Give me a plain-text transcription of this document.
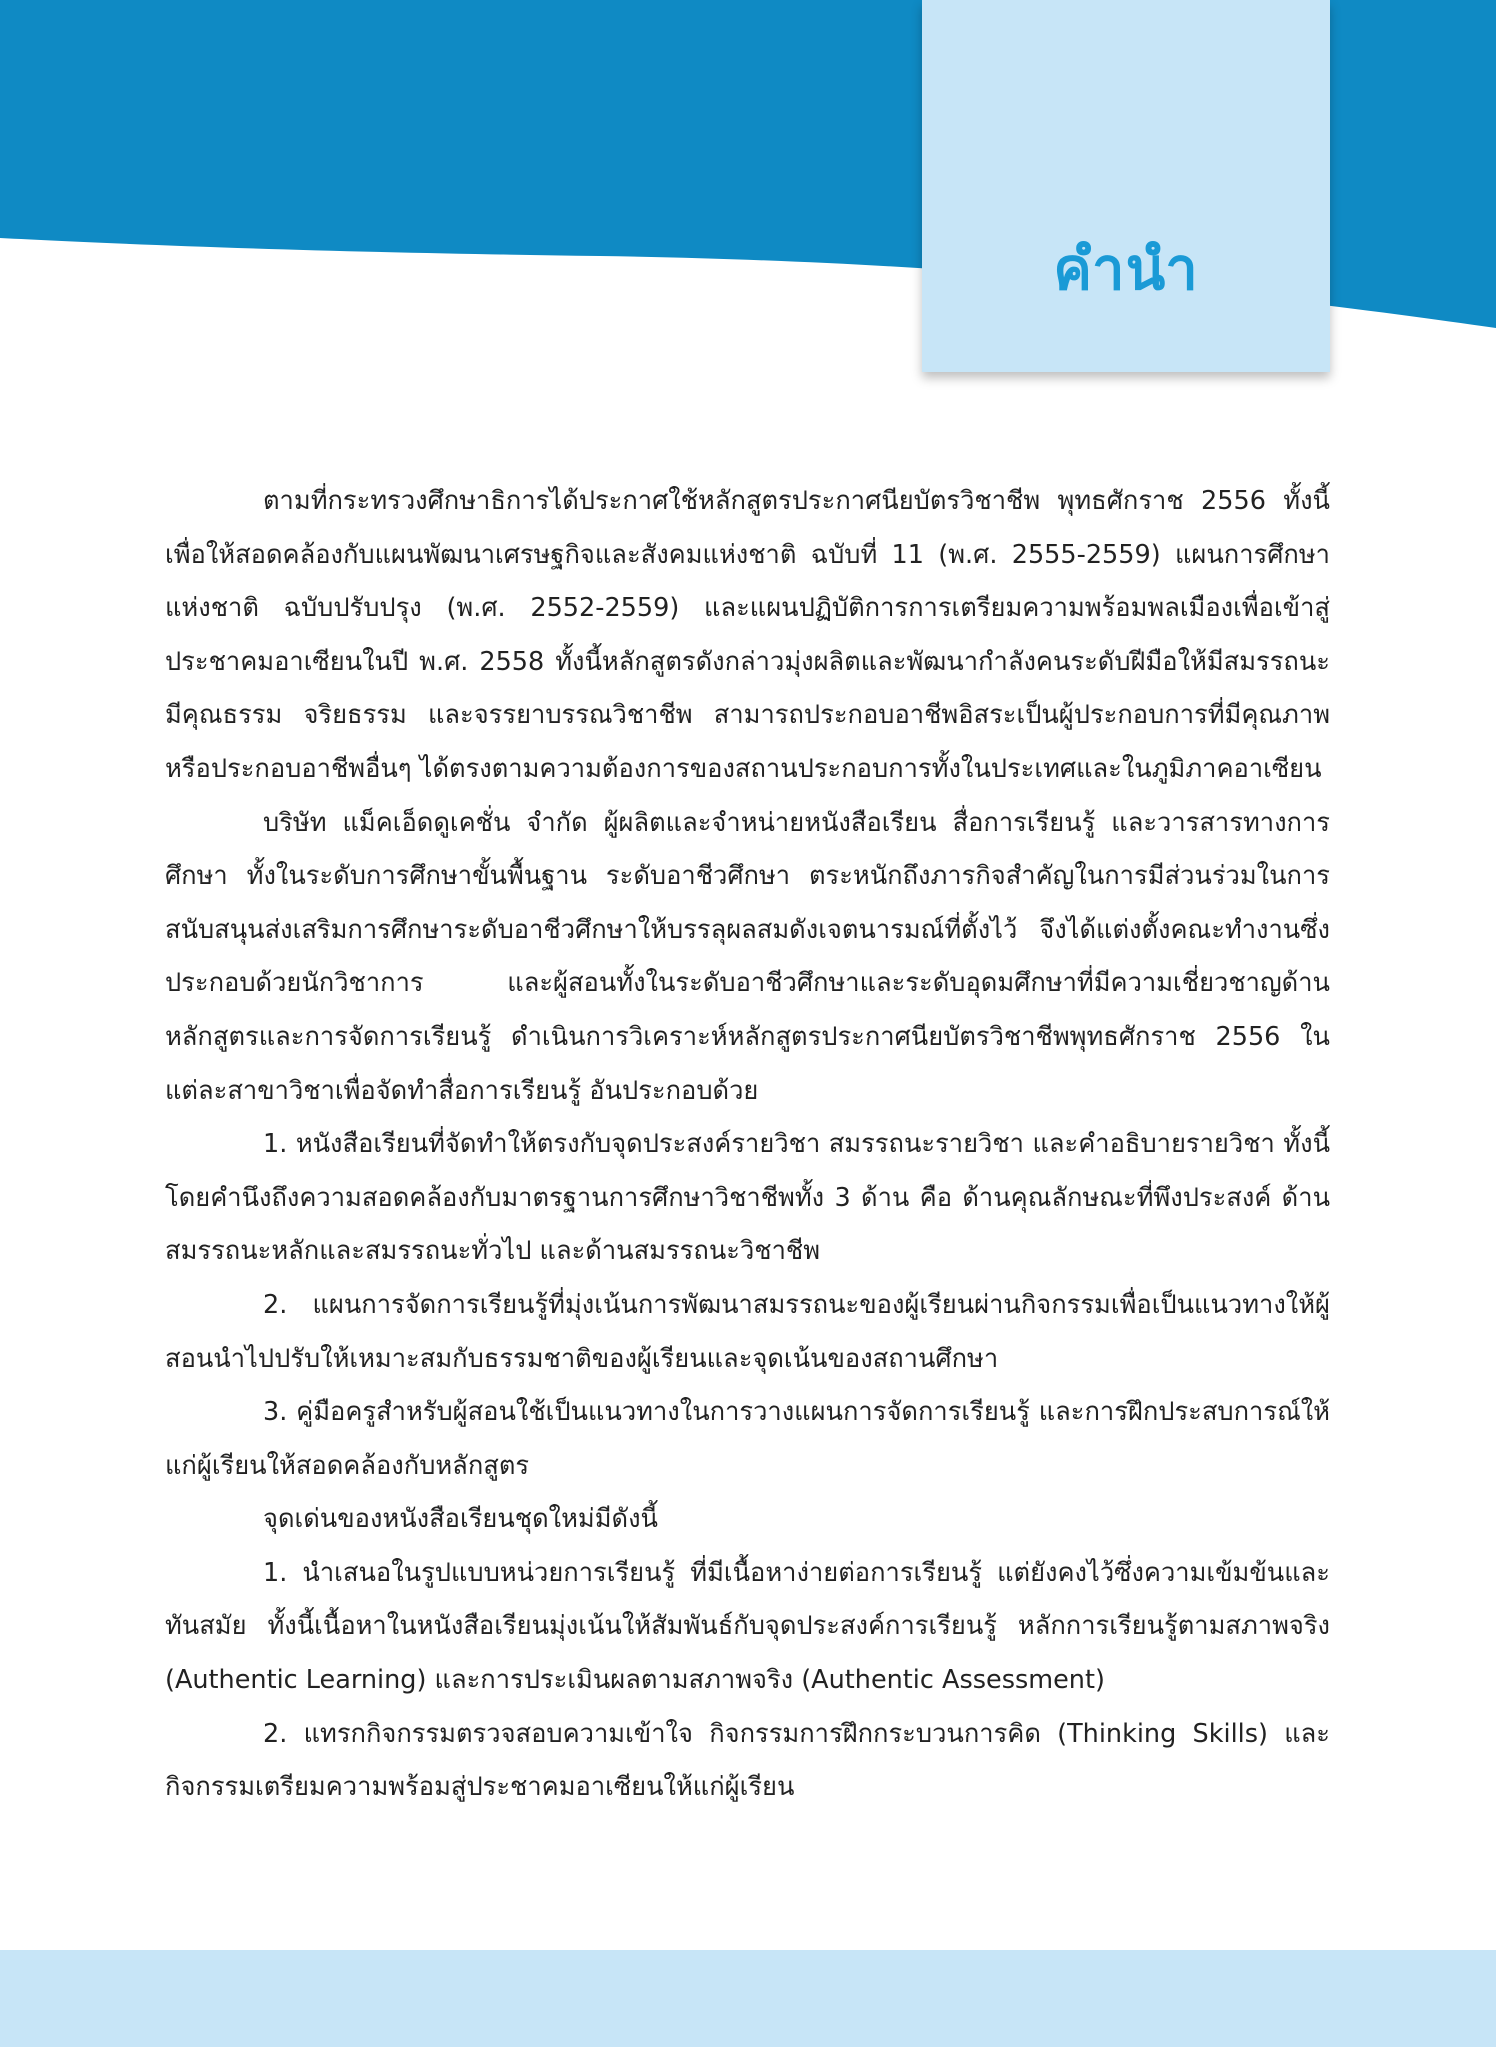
คำนำ

ตามที่กระทรวงศึกษาธิการได้ประกาศใช้หลักสูตรประกาศนียบัตรวิชาชีพ พุทธศักราช 2556 ทั้งนี้เพื่อให้สอดคล้องกับแผนพัฒนาเศรษฐกิจและสังคมแห่งชาติ ฉบับที่ 11 (พ.ศ. 2555-2559) แผนการศึกษาแห่งชาติ ฉบับปรับปรุง (พ.ศ. 2552-2559) และแผนปฏิบัติการการเตรียมความพร้อมพลเมืองเพื่อเข้าสู่ประชาคมอาเซียนในปี พ.ศ. 2558 ทั้งนี้หลักสูตรดังกล่าวมุ่งผลิตและพัฒนากำลังคนระดับฝีมือให้มีสมรรถนะ มีคุณธรรม จริยธรรม และจรรยาบรรณวิชาชีพ สามารถประกอบอาชีพอิสระเป็นผู้ประกอบการที่มีคุณภาพ หรือประกอบอาชีพอื่นๆ ได้ตรงตามความต้องการของสถานประกอบการทั้งในประเทศและในภูมิภาคอาเซียน

บริษัท แม็คเอ็ดดูเคชั่น จำกัด ผู้ผลิตและจำหน่ายหนังสือเรียน สื่อการเรียนรู้ และวารสารทางการศึกษา ทั้งในระดับการศึกษาขั้นพื้นฐาน ระดับอาชีวศึกษา ตระหนักถึงภารกิจสำคัญในการมีส่วนร่วมในการสนับสนุนส่งเสริมการศึกษาระดับอาชีวศึกษาให้บรรลุผลสมดังเจตนารมณ์ที่ตั้งไว้ จึงได้แต่งตั้งคณะทำงานซึ่งประกอบด้วยนักวิชาการ และผู้สอนทั้งในระดับอาชีวศึกษาและระดับอุดมศึกษาที่มีความเชี่ยวชาญด้านหลักสูตรและการจัดการเรียนรู้ ดำเนินการวิเคราะห์หลักสูตรประกาศนียบัตรวิชาชีพพุทธศักราช 2556 ในแต่ละสาขาวิชาเพื่อจัดทำสื่อการเรียนรู้ อันประกอบด้วย

1. หนังสือเรียนที่จัดทำให้ตรงกับจุดประสงค์รายวิชา สมรรถนะรายวิชา และคำอธิบายรายวิชา ทั้งนี้ โดยคำนึงถึงความสอดคล้องกับมาตรฐานการศึกษาวิชาชีพทั้ง 3 ด้าน คือ ด้านคุณลักษณะที่พึงประสงค์ ด้านสมรรถนะหลักและสมรรถนะทั่วไป และด้านสมรรถนะวิชาชีพ

2. แผนการจัดการเรียนรู้ที่มุ่งเน้นการพัฒนาสมรรถนะของผู้เรียนผ่านกิจกรรมเพื่อเป็นแนวทางให้ผู้สอนนำไปปรับให้เหมาะสมกับธรรมชาติของผู้เรียนและจุดเน้นของสถานศึกษา

3. คู่มือครูสำหรับผู้สอนใช้เป็นแนวทางในการวางแผนการจัดการเรียนรู้ และการฝึกประสบการณ์ให้แก่ผู้เรียนให้สอดคล้องกับหลักสูตร

จุดเด่นของหนังสือเรียนชุดใหม่มีดังนี้

1. นำเสนอในรูปแบบหน่วยการเรียนรู้ ที่มีเนื้อหาง่ายต่อการเรียนรู้ แต่ยังคงไว้ซึ่งความเข้มข้นและทันสมัย ทั้งนี้เนื้อหาในหนังสือเรียนมุ่งเน้นให้สัมพันธ์กับจุดประสงค์การเรียนรู้ หลักการเรียนรู้ตามสภาพจริง (Authentic Learning) และการประเมินผลตามสภาพจริง (Authentic Assessment)

2. แทรกกิจกรรมตรวจสอบความเข้าใจ กิจกรรมการฝึกกระบวนการคิด (Thinking Skills) และกิจกรรมเตรียมความพร้อมสู่ประชาคมอาเซียนให้แก่ผู้เรียน
